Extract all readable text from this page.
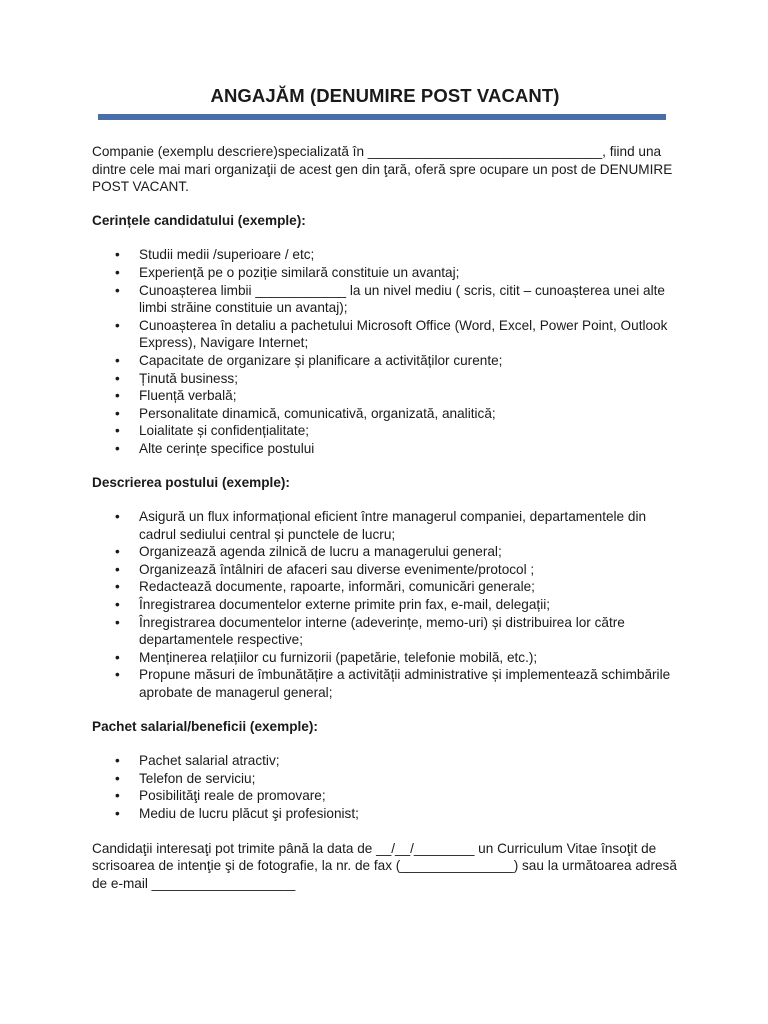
ANGAJĂM (DENUMIRE POST VACANT)

Companie (exemplu descriere)specializată în _______________________________, fiind una dintre cele mai mari organizaţii de acest gen din ţară, oferă spre ocupare un post de DENUMIRE POST VACANT.

Cerințele candidatului (exemple):
• Studii medii /superioare / etc;
• Experiență pe o poziție similară constituie un avantaj;
• Cunoașterea limbii ____________ la un nivel mediu ( scris, citit – cunoașterea unei alte limbi străine constituie un avantaj);
• Cunoașterea în detaliu a pachetului Microsoft Office (Word, Excel, Power Point, Outlook Express), Navigare Internet;
• Capacitate de organizare și planificare a activităților curente;
• Ținută business;
• Fluență verbală;
• Personalitate dinamică, comunicativă, organizată, analitică;
• Loialitate și confidențialitate;
• Alte cerințe specifice postului
Descrierea postului (exemple):
• Asigură un flux informațional eficient între managerul companiei, departamentele din cadrul sediului central și punctele de lucru;
• Organizează agenda zilnică de lucru a managerului general;
• Organizează întâlniri de afaceri sau diverse evenimente/protocol ;
• Redactează documente, rapoarte, informări, comunicări generale;
• Înregistrarea documentelor externe primite prin fax, e-mail, delegații;
• Înregistrarea documentelor interne (adeverințe, memo-uri) și distribuirea lor către departamentele respective;
• Menținerea relațiilor cu furnizorii (papetărie, telefonie mobilă, etc.);
• Propune măsuri de îmbunătățire a activității administrative și implementează schimbările aprobate de managerul general;
Pachet salarial/beneficii (exemple):
• Pachet salarial atractiv;
• Telefon de serviciu;
• Posibilităţi reale de promovare;
• Mediu de lucru plăcut şi profesionist;

Candidaţii interesaţi pot trimite până la data de __/__/________ un Curriculum Vitae însoţit de scrisoarea de intenţie şi de fotografie, la nr. de fax (_______________) sau la următoarea adresă de e-mail ___________________
